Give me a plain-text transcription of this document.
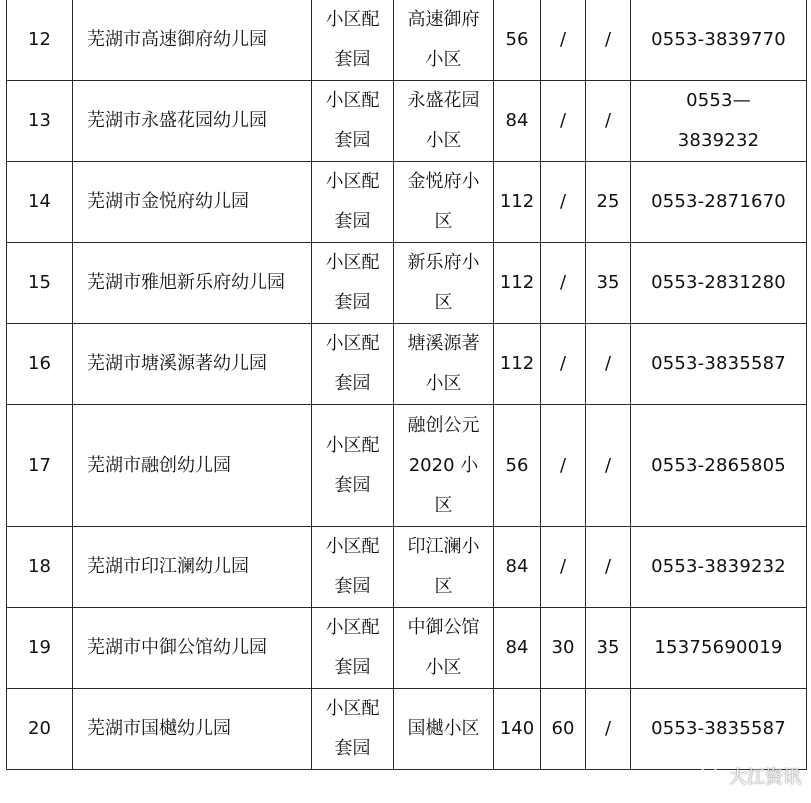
12	芜湖市高速御府幼儿园	小区配
套园	高速御府
小区	56	/	/	0553-3839770

13	芜湖市永盛花园幼儿园	小区配
套园	永盛花园
小区	84	/	/	0553—
3839232

14	芜湖市金悦府幼儿园	小区配
套园	金悦府小
区	112	/	25	0553-2871670

15	芜湖市雅旭新乐府幼儿园	小区配
套园	新乐府小
区	112	/	35	0553-2831280

16	芜湖市塘溪源著幼儿园	小区配
套园	塘溪源著
小区	112	/	/	0553-3835587

17	芜湖市融创幼儿园	小区配
套园	融创公元
2020 小
区	56	/	/	0553-2865805

18	芜湖市印江澜幼儿园	小区配
套园	印江澜小
区	84	/	/	0553-3839232

19	芜湖市中御公馆幼儿园	小区配
套园	中御公馆
小区	84	30	35	15375690019

20	芜湖市国樾幼儿园	小区配
套园	国樾小区	140	60	/	0553-3835587
大江资讯
